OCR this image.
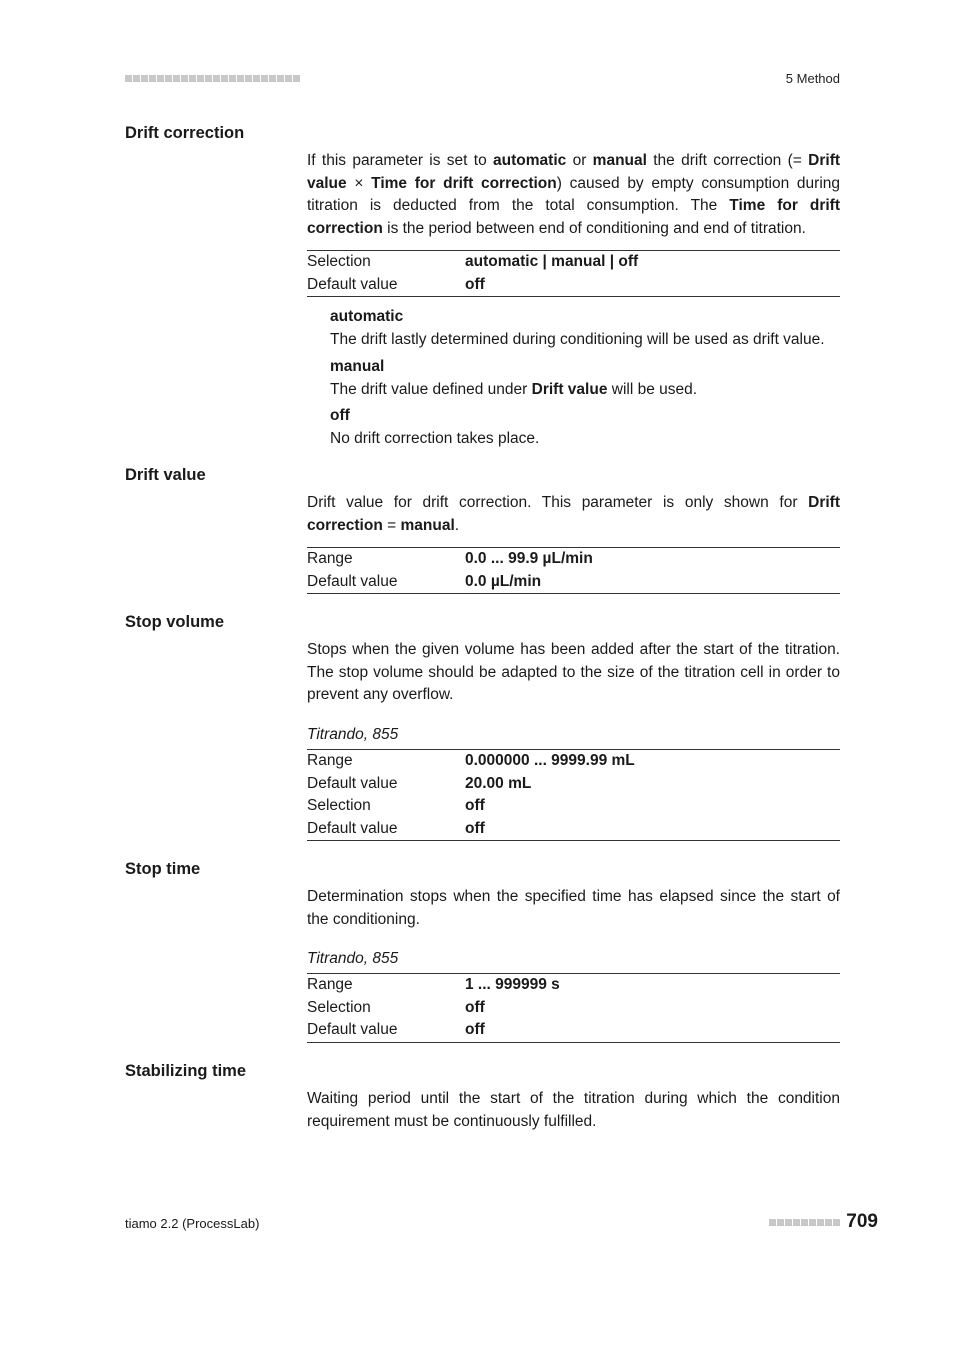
5 Method
Drift correction
If this parameter is set to automatic or manual the drift correction (= Drift value × Time for drift correction) caused by empty consumption during titration is deducted from the total consumption. The Time for drift correction is the period between end of conditioning and end of titration.
Selection	automatic | manual | off
Default value	off
automatic
The drift lastly determined during conditioning will be used as drift value.
manual
The drift value defined under Drift value will be used.
off
No drift correction takes place.
Drift value
Drift value for drift correction. This parameter is only shown for Drift correction = manual.
Range	0.0 ... 99.9 µL/min
Default value	0.0 µL/min
Stop volume
Stops when the given volume has been added after the start of the titration. The stop volume should be adapted to the size of the titration cell in order to prevent any overflow.
Titrando, 855
Range	0.000000 ... 9999.99 mL
Default value	20.00 mL
Selection	off
Default value	off
Stop time
Determination stops when the specified time has elapsed since the start of the conditioning.
Titrando, 855
Range	1 ... 999999 s
Selection	off
Default value	off
Stabilizing time
Waiting period until the start of the titration during which the condition requirement must be continuously fulfilled.
tiamo 2.2 (ProcessLab)	709
